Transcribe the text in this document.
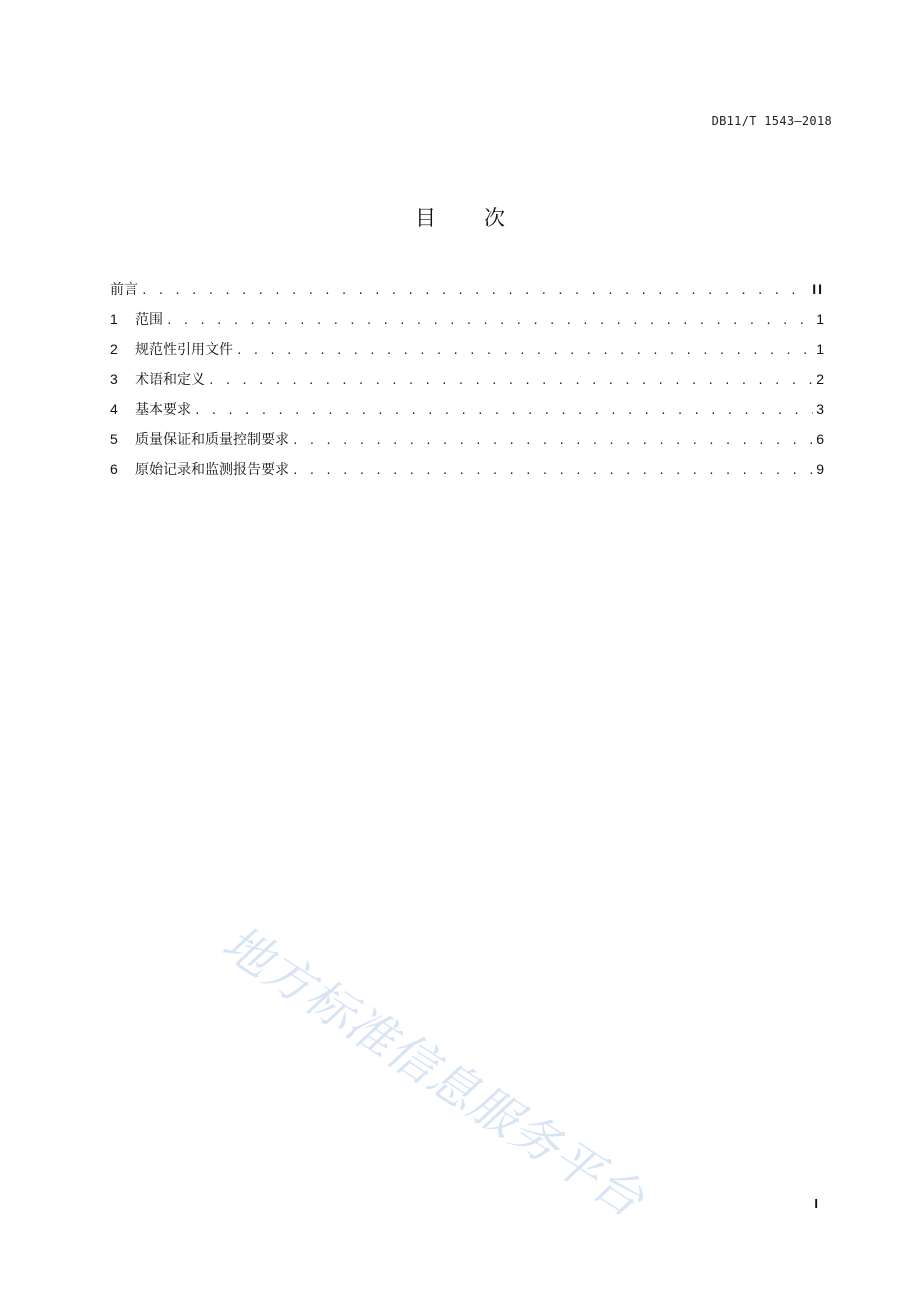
DB11/T 1543—2018
目次
前言 . . .	II
1	范围 . . .	1
2	规范性引用文件 . . .	1
3	术语和定义 . . .	2
4	基本要求 . . .	3
5	质量保证和质量控制要求 . . .	6
6	原始记录和监测报告要求 . . .	9
地方标准信息服务平台	I
